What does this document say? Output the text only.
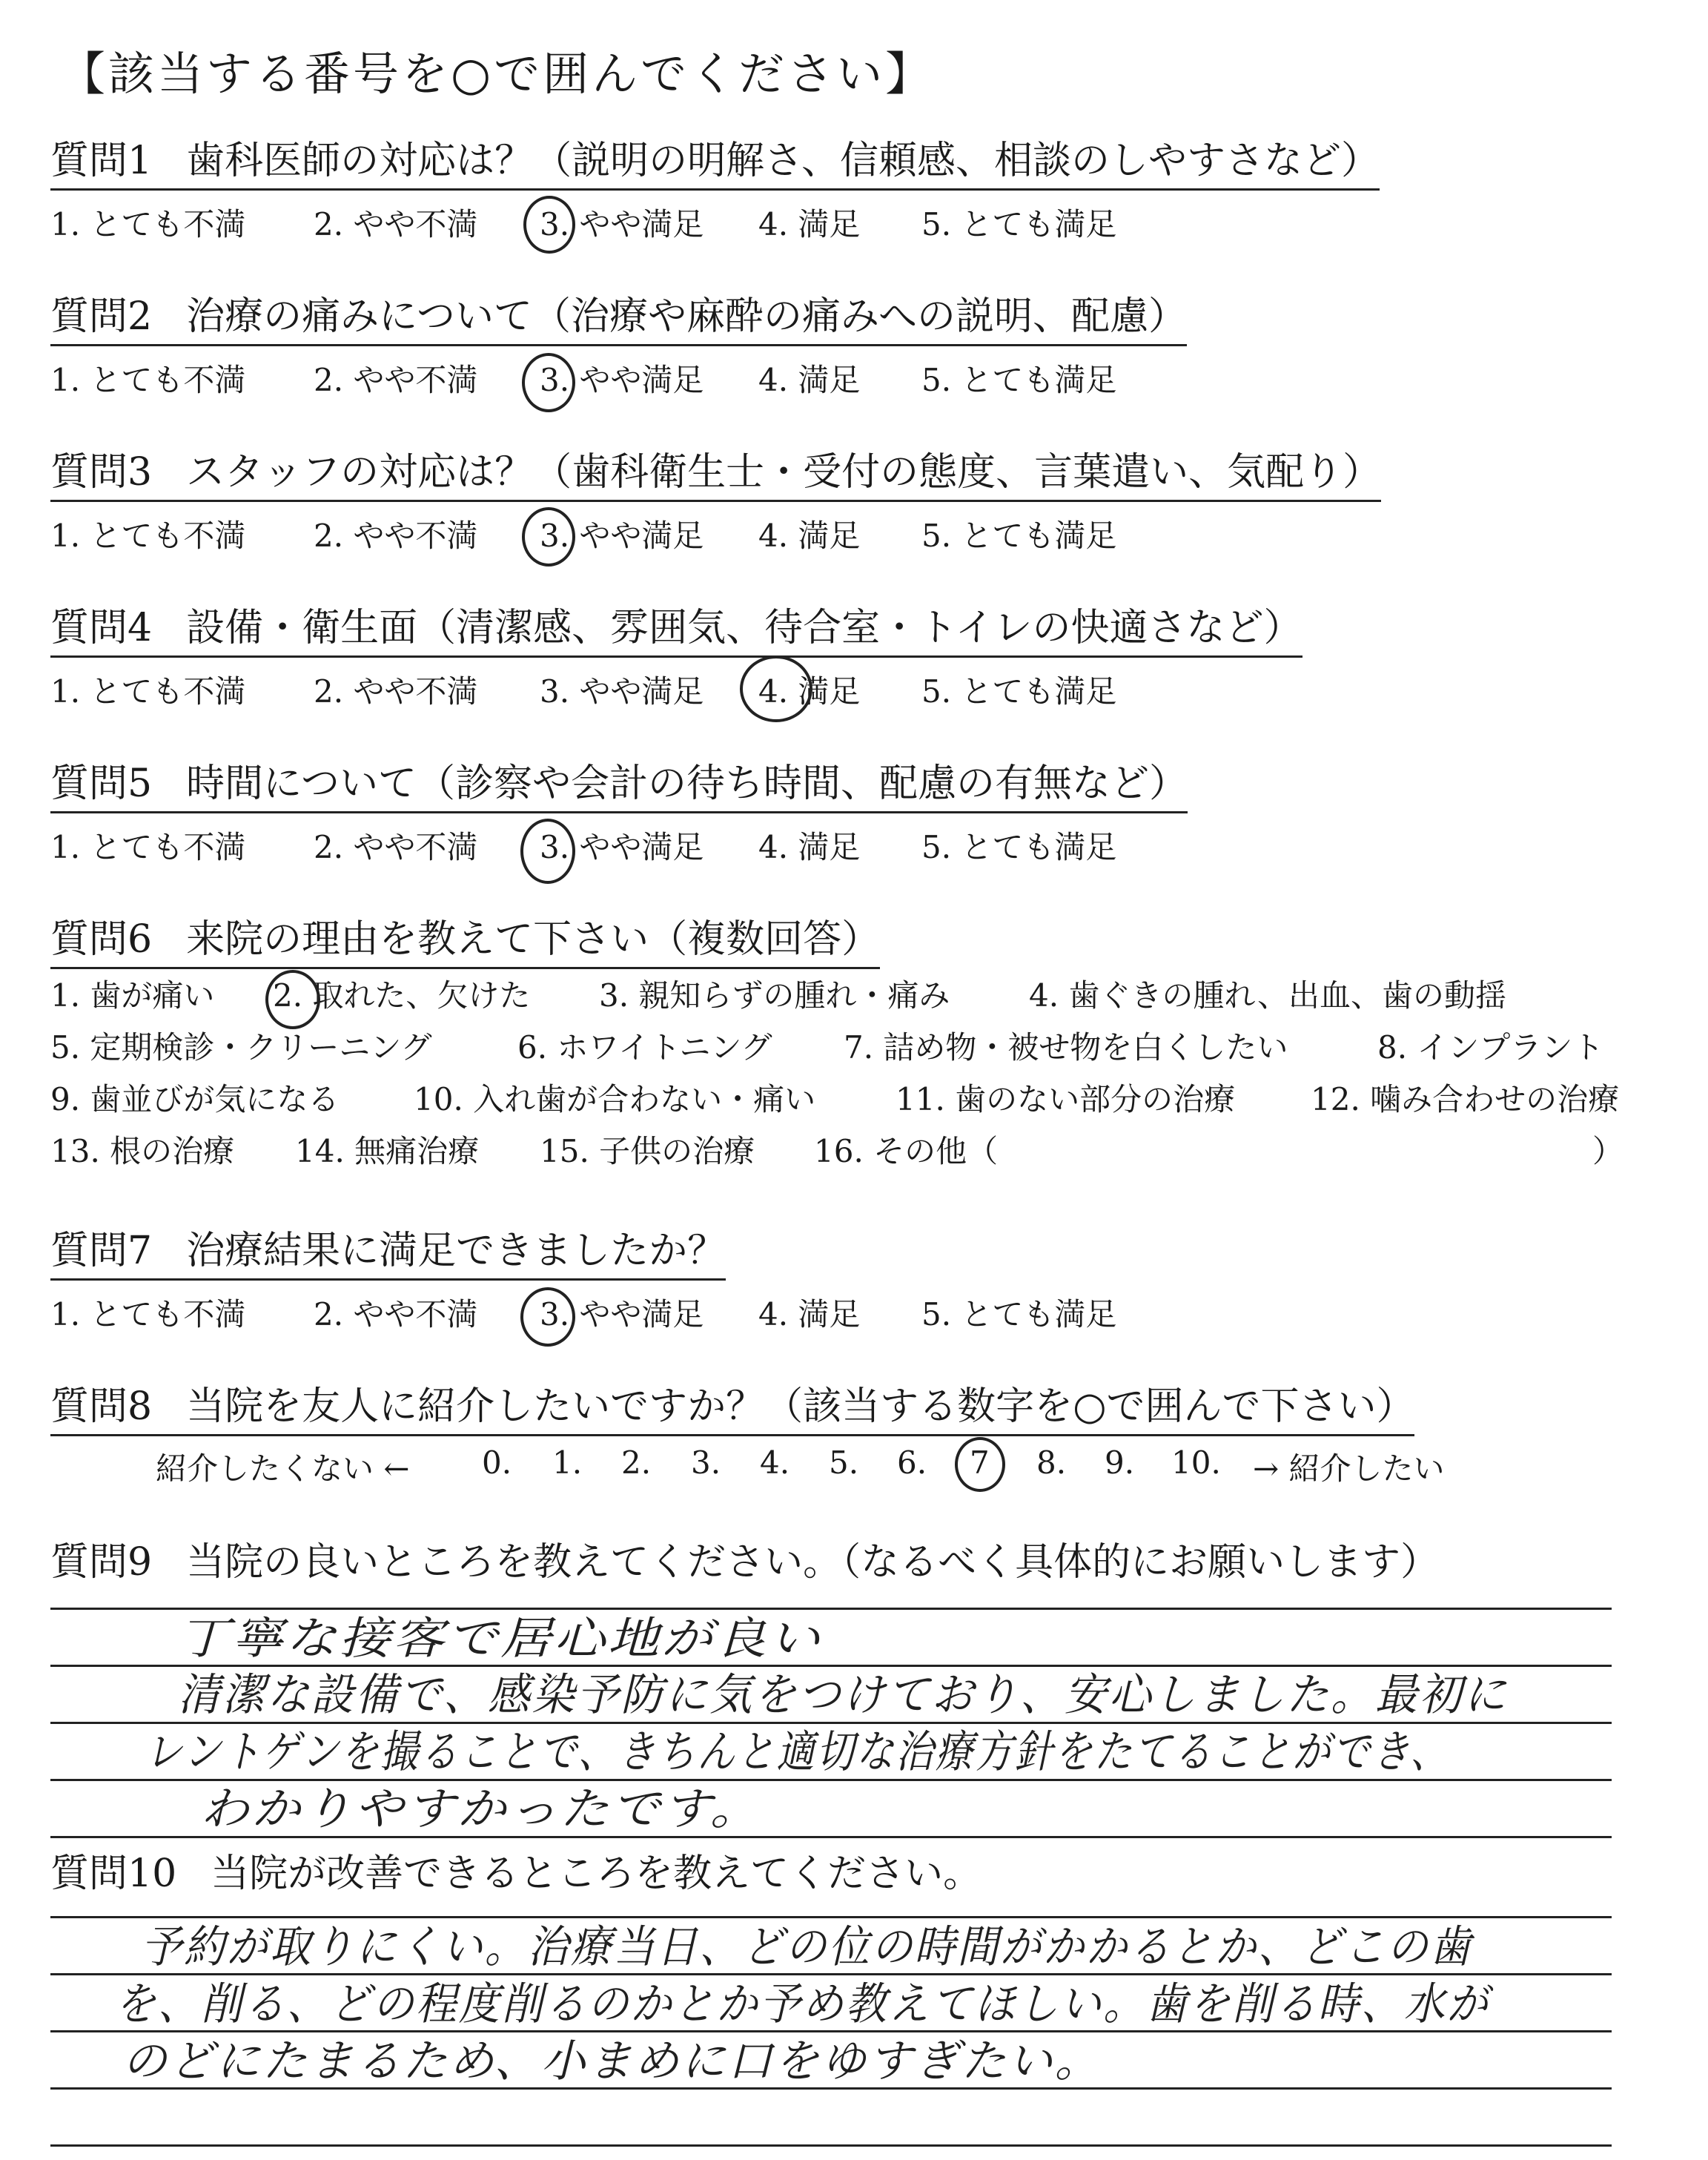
【該当する番号を○で囲んでください】
質問1 歯科医師の対応は？（説明の明解さ、信頼感、相談のしやすさなど）
1. とても不満 2. やや不満 3. やや満足 4. 満足 5. とても満足
質問2 治療の痛みについて（治療や麻酔の痛みへの説明、配慮）
1. とても不満 2. やや不満 3. やや満足 4. 満足 5. とても満足
質問3 スタッフの対応は？（歯科衛生士・受付の態度、言葉遣い、気配り）
1. とても不満 2. やや不満 3. やや満足 4. 満足 5. とても満足
質問4 設備・衛生面（清潔感、雰囲気、待合室・トイレの快適さなど）
1. とても不満 2. やや不満 3. やや満足 4. 満足 5. とても満足
質問5 時間について（診察や会計の待ち時間、配慮の有無など）
1. とても不満 2. やや不満 3. やや満足 4. 満足 5. とても満足
質問6 来院の理由を教えて下さい（複数回答）
1. 歯が痛い 2. 取れた、欠けた 3. 親知らずの腫れ・痛み	4. 歯ぐきの腫れ、出血、歯の動揺
5. 定期検診・クリーニング	6. ホワイトニング 7. 詰め物・被せ物を白くしたい	8. インプラント
9. 歯並びが気になる 10. 入れ歯が合わない・痛い	11. 歯のない部分の治療 12. 噛み合わせの治療
13. 根の治療 14. 無痛治療 15. 子供の治療 16. その他（	）
質問7 治療結果に満足できましたか？
1. とても不満 2. やや不満 3. やや満足 4. 満足 5. とても満足
質問8 当院を友人に紹介したいですか？（該当する数字を○で囲んで下さい）
紹介したくない ← 0. 1. 2. 3. 4. 5. 6. 7 8. 9. 10. → 紹介したい
質問9 当院の良いところを教えてください。（なるべく具体的にお願いします）
丁寧な接客で居心地が良い
清潔な設備で、感染予防に気をつけており、安心しました。最初に
レントゲンを撮ることで、きちんと適切な治療方針をたてることができ、
わかりやすかったです。
質問10 当院が改善できるところを教えてください。
予約が取りにくい。治療当日、どの位の時間がかかるとか、どこの歯
を、削る、どの程度削るのかとか予め教えてほしい。歯を削る時、水が
のどにたまるため、小まめに口をゆすぎたい。
